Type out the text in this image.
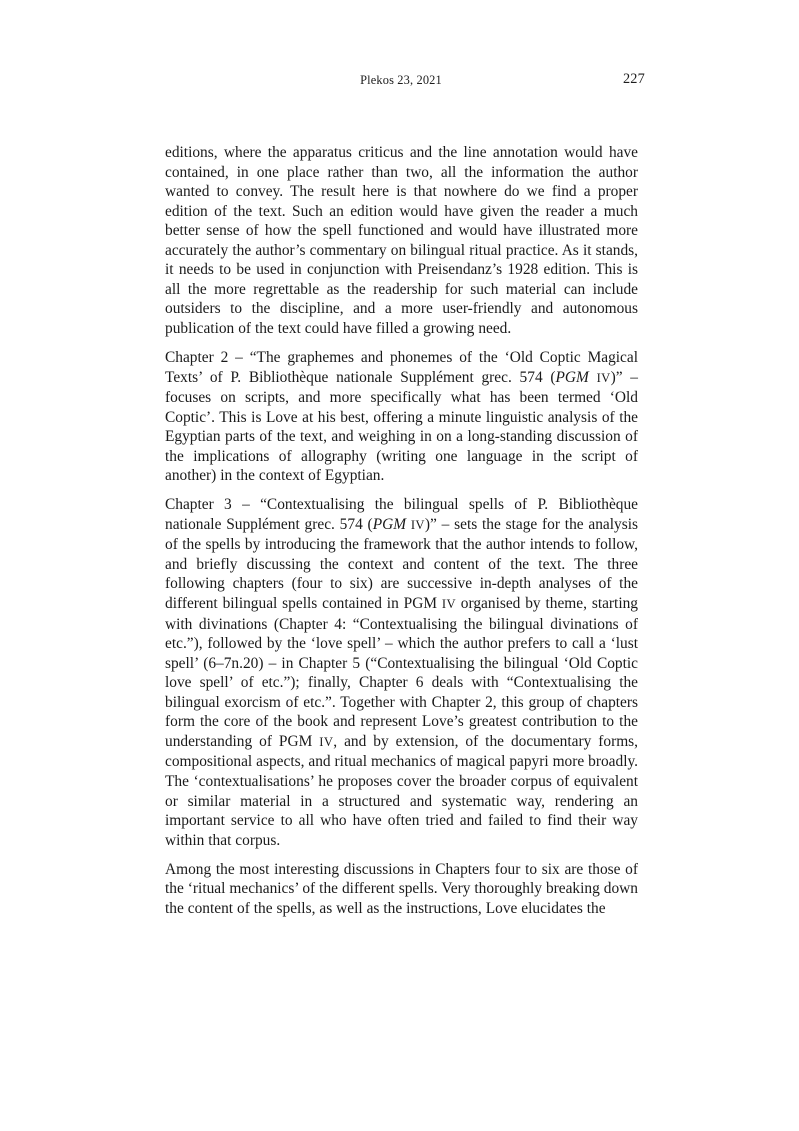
Plekos 23, 2021	227

editions, where the apparatus criticus and the line annotation would have contained, in one place rather than two, all the information the author wanted to convey. The result here is that nowhere do we find a proper edition of the text. Such an edition would have given the reader a much better sense of how the spell functioned and would have illustrated more accurately the author’s commentary on bilingual ritual practice. As it stands, it needs to be used in conjunction with Preisendanz’s 1928 edition. This is all the more regrettable as the readership for such material can include outsiders to the discipline, and a more user-friendly and autonomous publication of the text could have filled a growing need.

Chapter 2 – “The graphemes and phonemes of the ‘Old Coptic Magical Texts’ of P. Bibliothèque nationale Supplément grec. 574 (PGM IV)” – focuses on scripts, and more specifically what has been termed ‘Old Coptic’. This is Love at his best, offering a minute linguistic analysis of the Egyptian parts of the text, and weighing in on a long-standing discussion of the implications of allography (writing one language in the script of another) in the context of Egyptian.

Chapter 3 – “Contextualising the bilingual spells of P. Bibliothèque nationale Supplément grec. 574 (PGM IV)” – sets the stage for the analysis of the spells by introducing the framework that the author intends to follow, and briefly discussing the context and content of the text. The three following chapters (four to six) are successive in-depth analyses of the different bilingual spells contained in PGM IV organised by theme, starting with divinations (Chapter 4: “Contextualising the bilingual divinations of etc.”), followed by the ‘love spell’ – which the author prefers to call a ‘lust spell’ (6–7n.20) – in Chapter 5 (“Contextualising the bilingual ‘Old Coptic love spell’ of etc.”); finally, Chapter 6 deals with “Contextualising the bilingual exorcism of etc.”. Together with Chapter 2, this group of chapters form the core of the book and represent Love’s greatest contribution to the understanding of PGM IV, and by extension, of the documentary forms, compositional aspects, and ritual mechanics of magical papyri more broadly. The ‘contextualisations’ he proposes cover the broader corpus of equivalent or similar material in a structured and systematic way, rendering an important service to all who have often tried and failed to find their way within that corpus.

Among the most interesting discussions in Chapters four to six are those of the ‘ritual mechanics’ of the different spells. Very thoroughly breaking down the content of the spells, as well as the instructions, Love elucidates the
